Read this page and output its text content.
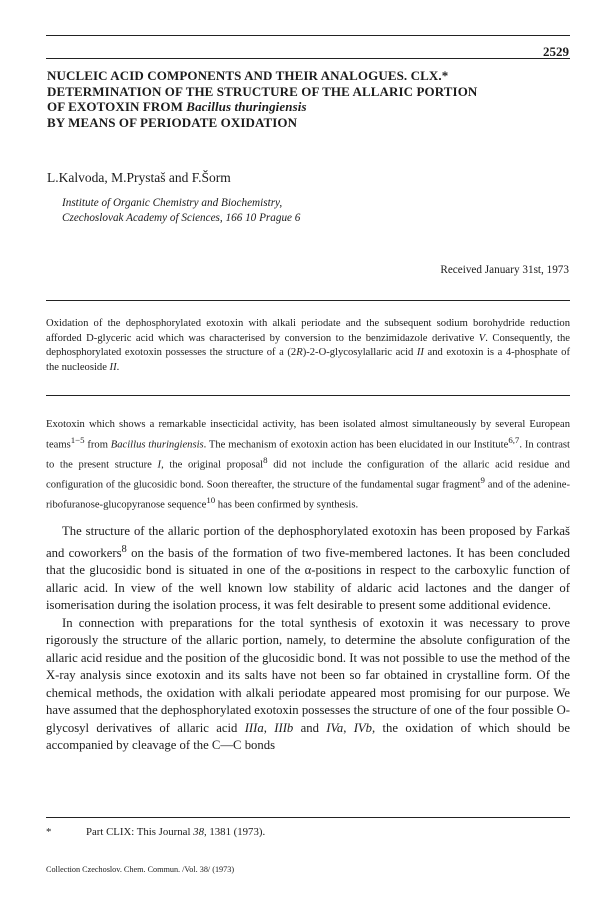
2529
NUCLEIC ACID COMPONENTS AND THEIR ANALOGUES. CLX.*
DETERMINATION OF THE STRUCTURE OF THE ALLARIC PORTION
OF EXOTOXIN FROM Bacillus thuringiensis
BY MEANS OF PERIODATE OXIDATION
L.Kalvoda, M.Prystaš and F.Šorm
Institute of Organic Chemistry and Biochemistry,
Czechoslovak Academy of Sciences, 166 10 Prague 6
Received January 31st, 1973
Oxidation of the dephosphorylated exotoxin with alkali periodate and the subsequent sodium borohydride reduction afforded D-glyceric acid which was characterised by conversion to the benzimidazole derivative V. Consequently, the dephosphorylated exotoxin possesses the structure of a (2R)-2-O-glycosylallaric acid II and exotoxin is a 4-phosphate of the nucleoside II.
Exotoxin which shows a remarkable insecticidal activity, has been isolated almost simultaneously by several European teams$^{1-5}$ from Bacillus thuringiensis. The mechanism of exotoxin action has been elucidated in our Institute$^{6,7}$. In contrast to the present structure I, the original proposal$^8$ did not include the configuration of the allaric acid residue and configuration of the glucosidic bond. Soon thereafter, the structure of the fundamental sugar fragment$^9$ and of the adenine-ribofuranose-glucopyranose sequence$^{10}$ has been confirmed by synthesis.

The structure of the allaric portion of the dephosphorylated exotoxin has been proposed by Farkaš and coworkers$^8$ on the basis of the formation of two five-membered lactones. It has been concluded that the glucosidic bond is situated in one of the α-positions in respect to the carboxylic function of allaric acid. In view of the well known low stability of aldaric acid lactones and the danger of isomerisation during the isolation process, it was felt desirable to present some additional evidence.

In connection with preparations for the total synthesis of exotoxin it was necessary to prove rigorously the structure of the allaric portion, namely, to determine the absolute configuration of the allaric acid residue and the position of the glucosidic bond. It was not possible to use the method of the X-ray analysis since exotoxin and its salts have not been so far obtained in crystalline form. Of the chemical methods, the oxidation with alkali periodate appeared most promising for our purpose. We have assumed that the dephosphorylated exotoxin possesses the structure of one of the four possible O-glycosyl derivatives of allaric acid IIIa, IIIb and IVa, IVb, the oxidation of which should be accompanied by cleavage of the C—C bonds

*	Part CLIX: This Journal 38, 1381 (1973).
Collection Czechoslov. Chem. Commun. /Vol. 38/ (1973)
